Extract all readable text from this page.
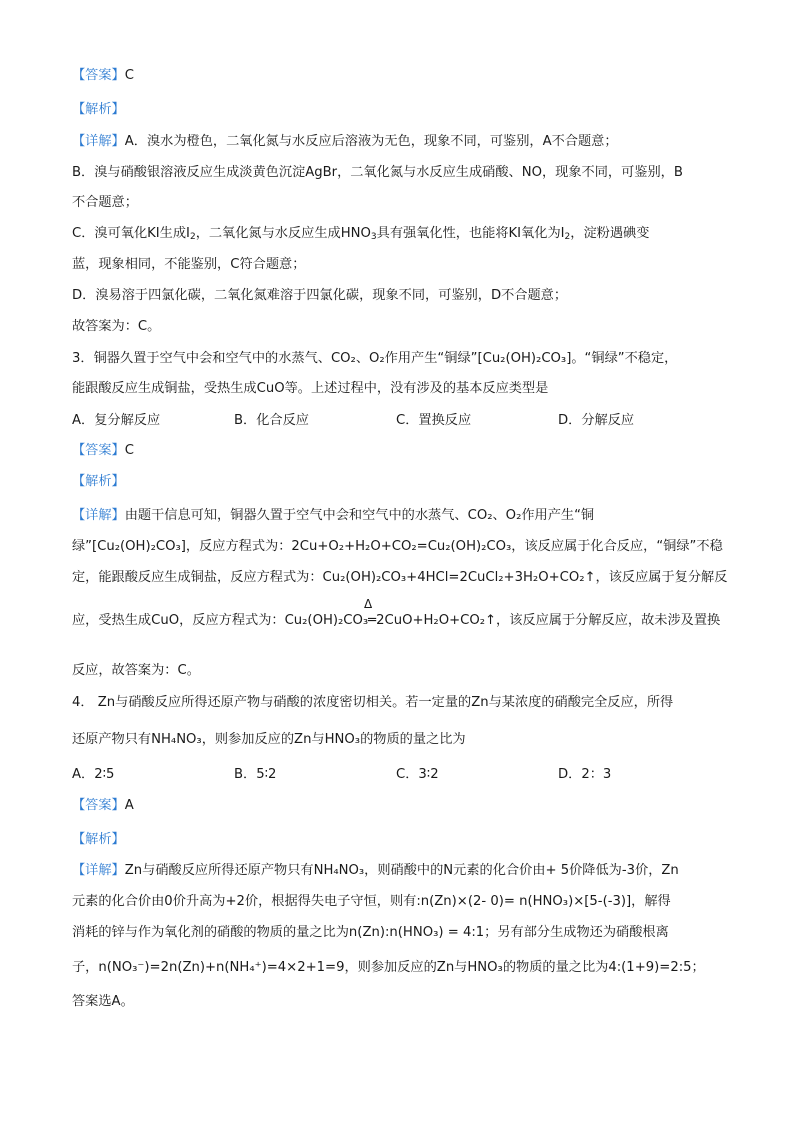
【答案】C
【解析】
【详解】A．溴水为橙色，二氧化氮与水反应后溶液为无色，现象不同，可鉴别，A不合题意；
B．溴与硝酸银溶液反应生成淡黄色沉淀AgBr，二氧化氮与水反应生成硝酸、NO，现象不同，可鉴别，B
不合题意；
C．溴可氧化KI生成$I_2$，二氧化氮与水反应生成$HNO_3$具有强氧化性，也能将KI氧化为$I_2$，淀粉遇碘变
蓝，现象相同，不能鉴别，C符合题意；
D．溴易溶于四氯化碳，二氧化氮难溶于四氯化碳，现象不同，可鉴别，D不合题意；
故答案为：C。
3．铜器久置于空气中会和空气中的水蒸气、CO₂、O₂作用产生“铜绿”[Cu₂(OH)₂CO₃]。“铜绿”不稳定，
能跟酸反应生成铜盐，受热生成CuO等。上述过程中，没有涉及的基本反应类型是
A．复分解反应	B．化合反应	C．置换反应	D．分解反应
【答案】C
【解析】
【详解】由题干信息可知，铜器久置于空气中会和空气中的水蒸气、CO₂、O₂作用产生“铜
绿”[Cu₂(OH)₂CO₃]，反应方程式为：2Cu+O₂+H₂O+CO₂=Cu₂(OH)₂CO₃，该反应属于化合反应，“铜绿”不稳
定，能跟酸反应生成铜盐，反应方程式为：Cu₂(OH)₂CO₃+4HCl=2CuCl₂+3H₂O+CO₂↑，该反应属于复分解反
Δ
应，受热生成CuO，反应方程式为：Cu₂(OH)₂CO₃═2CuO+H₂O+CO₂↑，该反应属于分解反应，故未涉及置换
反应，故答案为：C。
4． Zn与硝酸反应所得还原产物与硝酸的浓度密切相关。若一定量的Zn与某浓度的硝酸完全反应，所得
还原产物只有NH₄NO₃，则参加反应的Zn与HNO₃的物质的量之比为
A．2∶5	B．5∶2	C．3∶2	D．2：3
【答案】A
【解析】
【详解】Zn与硝酸反应所得还原产物只有NH₄NO₃，则硝酸中的N元素的化合价由+ 5价降低为-3价，Zn
元素的化合价由0价升高为+2价，根据得失电子守恒，则有:n(Zn)×(2- 0)= n(HNO₃)×[5-(-3)]，解得
消耗的锌与作为氧化剂的硝酸的物质的量之比为n(Zn):n(HNO₃) = 4:1；另有部分生成物还为硝酸根离
子，n(NO₃⁻)=2n(Zn)+n(NH₄⁺)=4×2+1=9，则参加反应的Zn与HNO₃的物质的量之比为4:(1+9)=2:5；
答案选A。
